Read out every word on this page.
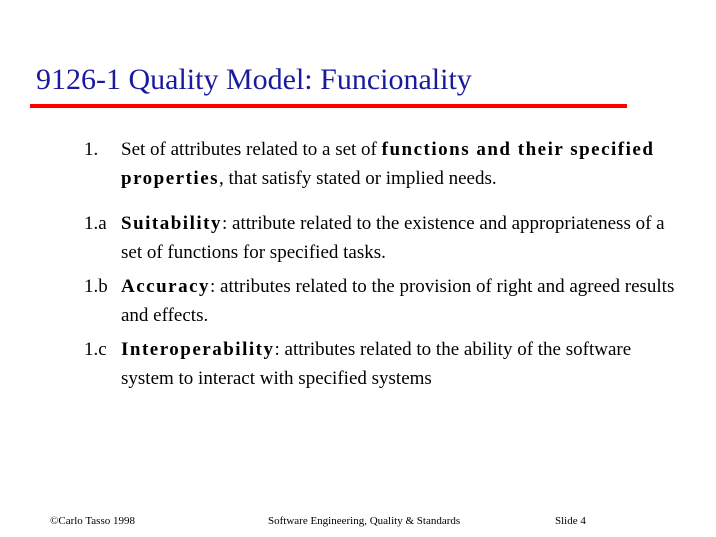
9126-1 Quality Model: Funcionality
1. Set of attributes related to a set of functions and their specified properties, that satisfy stated or implied needs.
1.a Suitability: attribute related to the existence and appropriateness of a set of functions for specified tasks.
1.b Accuracy: attributes related to the provision of right and agreed results and effects.
1.c Interoperability: attributes related to the ability of the software system to interact with specified systems
©Carlo Tasso 1998	Software Engineering, Quality & Standards	Slide 4
